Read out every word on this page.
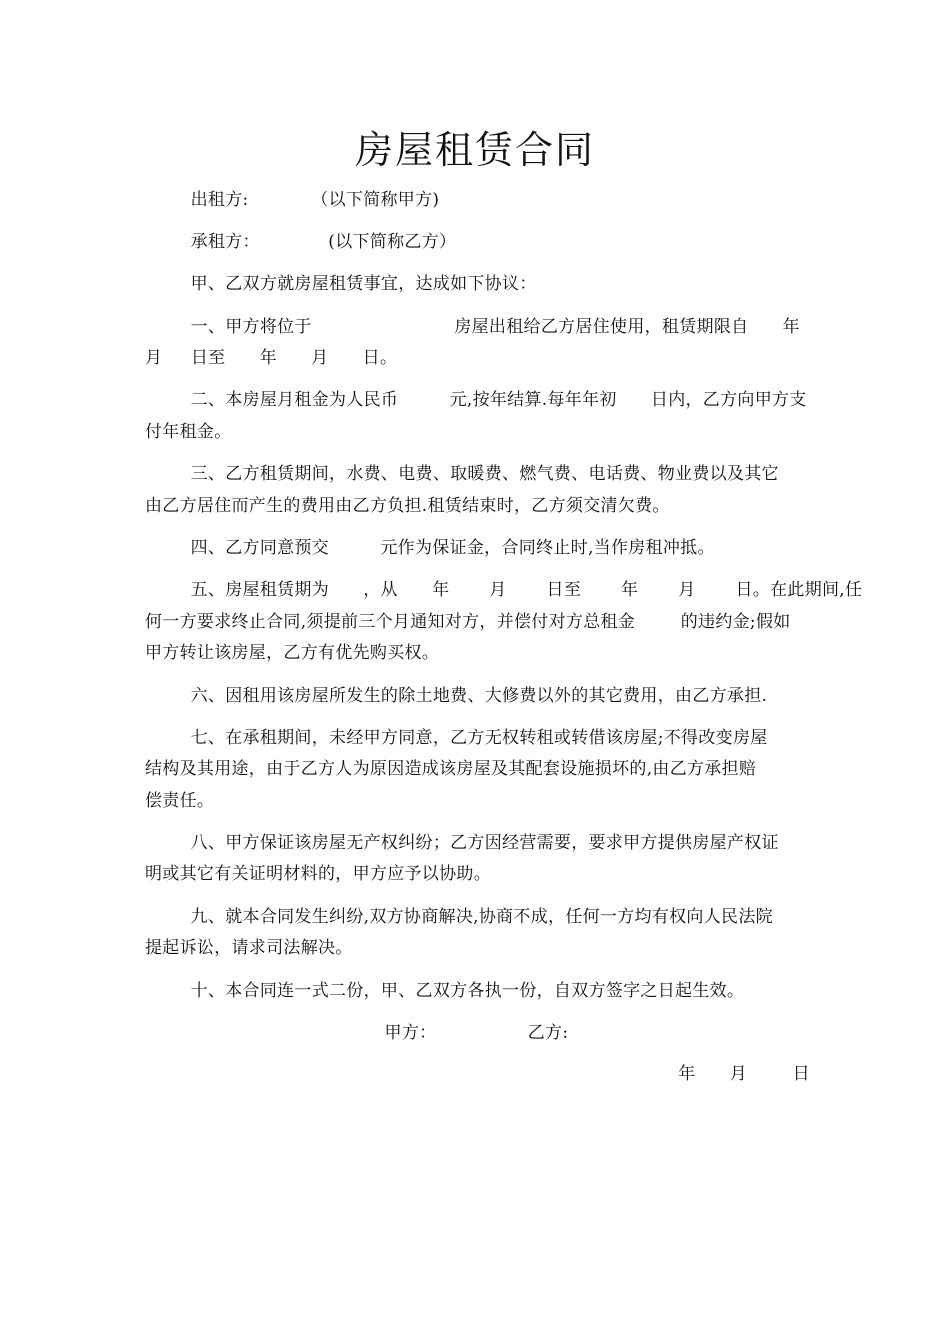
房屋租赁合同
出租方:           （以下简称甲方)
承租方：            (以下简称乙方）
甲、乙双方就房屋租赁事宜，达成如下协议：
一、甲方将位于                         房屋出租给乙方居住使用，租赁期限自      年
月     日至      年      月      日。
二、本房屋月租金为人民币         元,按年结算.每年年初      日内，乙方向甲方支
付年租金。
三、乙方租赁期间，水费、电费、取暖费、燃气费、电话费、物业费以及其它
由乙方居住而产生的费用由乙方负担.租赁结束时，乙方须交清欠费。
四、乙方同意预交         元作为保证金，合同终止时,当作房租冲抵。
五、房屋租赁期为      ，从      年       月       日至       年       月       日。在此期间,任
何一方要求终止合同,须提前三个月通知对方，并偿付对方总租金        的违约金;假如
甲方转让该房屋，乙方有优先购买权。
六、因租用该房屋所发生的除土地费、大修费以外的其它费用，由乙方承担.
七、在承租期间，未经甲方同意，乙方无权转租或转借该房屋;不得改变房屋
结构及其用途，由于乙方人为原因造成该房屋及其配套设施损坏的,由乙方承担赔
偿责任。
八、甲方保证该房屋无产权纠纷；乙方因经营需要，要求甲方提供房屋产权证
明或其它有关证明材料的，甲方应予以协助。
九、就本合同发生纠纷,双方协商解决,协商不成，任何一方均有权向人民法院
提起诉讼，请求司法解决。
十、本合同连一式二份，甲、乙双方各执一份，自双方签字之日起生效。
甲方：                乙方:
年      月        日
